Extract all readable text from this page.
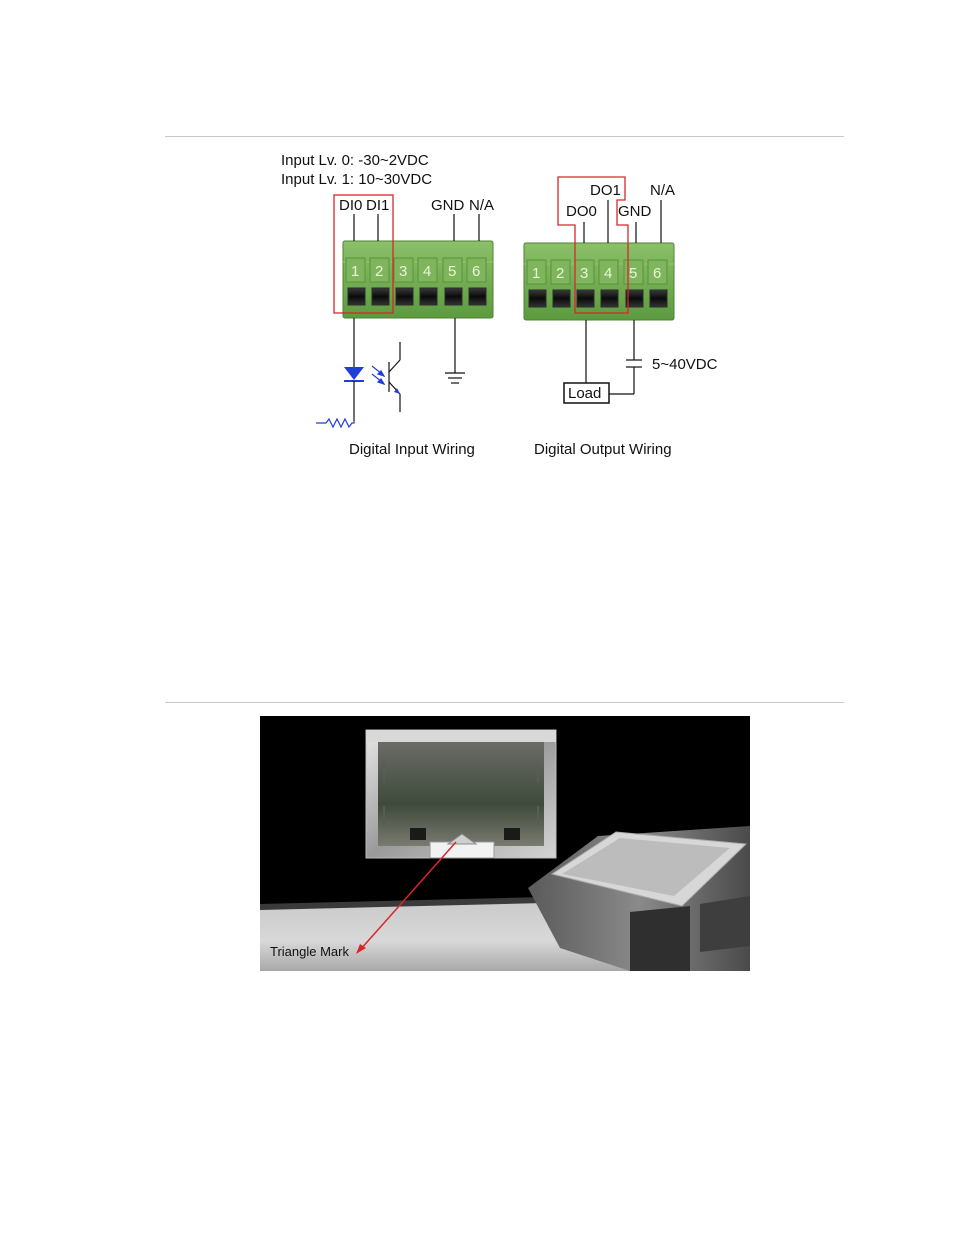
Input Lv. 0: -30~2VDC
Input Lv. 1: 10~30VDC
1 2 3 4 5 6
DI0 DI1	GND N/A
Digital Input Wiring
1 2 3 4 5 6
DO1 N/A
DO0 GND
Load
5~40VDC
Digital Output Wiring
Triangle Mark
